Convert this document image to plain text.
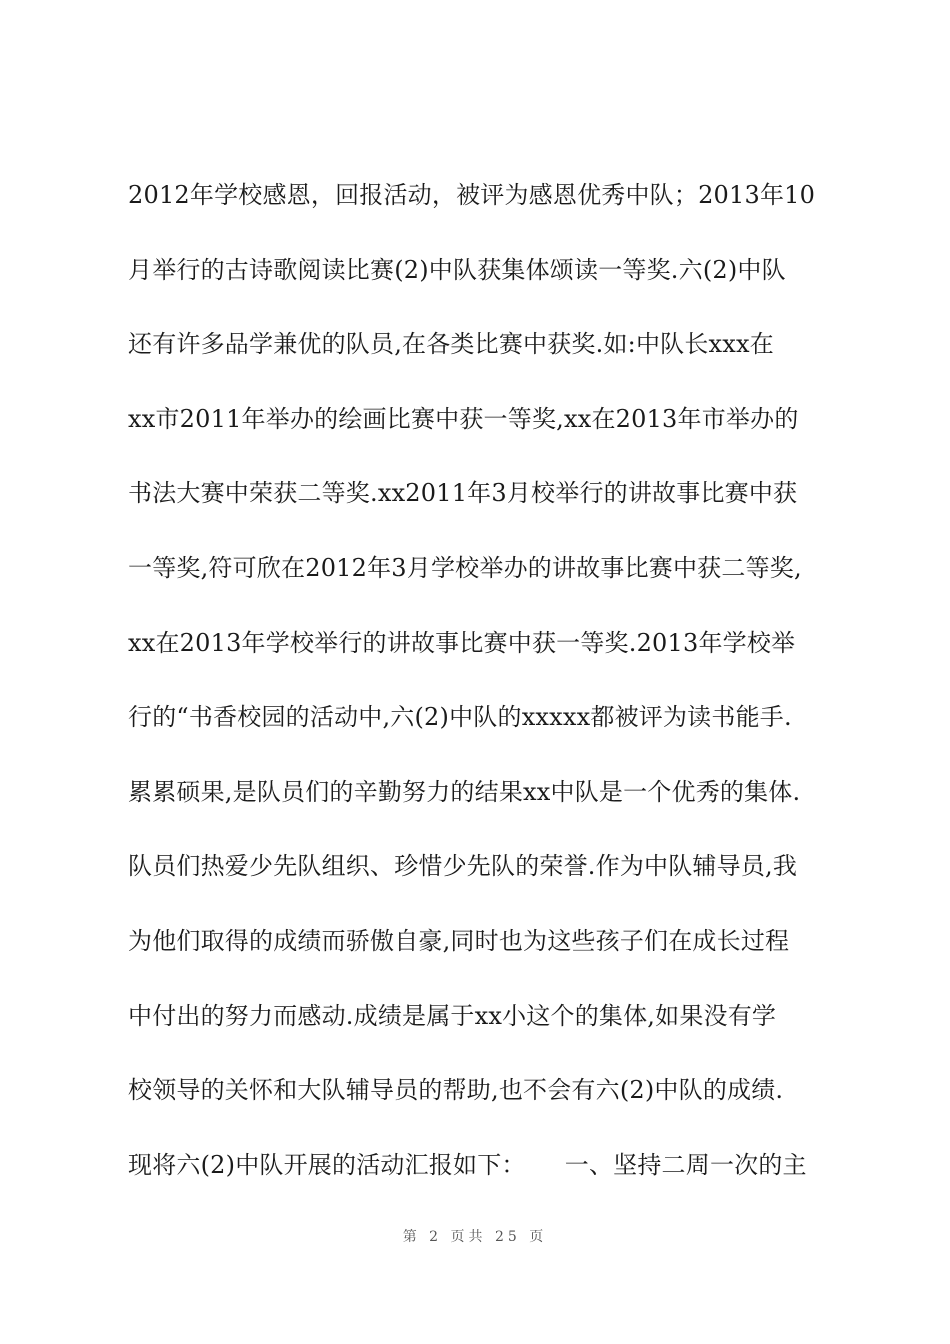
2012年学校感恩，回报活动，被评为感恩优秀中队；2013年10
月举行的古诗歌阅读比赛(2)中队获集体颂读一等奖.六(2)中队
还有许多品学兼优的队员,在各类比赛中获奖.如:中队长xxx在
xx市2011年举办的绘画比赛中获一等奖,xx在2013年市举办的
书法大赛中荣获二等奖.xx2011年3月校举行的讲故事比赛中获
一等奖,符可欣在2012年3月学校举办的讲故事比赛中获二等奖,
xx在2013年学校举行的讲故事比赛中获一等奖.2013年学校举
行的“书香校园的活动中,六(2)中队的xxxxx都被评为读书能手.
累累硕果,是队员们的辛勤努力的结果xx中队是一个优秀的集体.
队员们热爱少先队组织、珍惜少先队的荣誉.作为中队辅导员,我
为他们取得的成绩而骄傲自豪,同时也为这些孩子们在成长过程
中付出的努力而感动.成绩是属于xx小这个的集体,如果没有学
校领导的关怀和大队辅导员的帮助,也不会有六(2)中队的成绩.
现将六(2)中队开展的活动汇报如下：     一、坚持二周一次的主
第 2 页共 25 页
